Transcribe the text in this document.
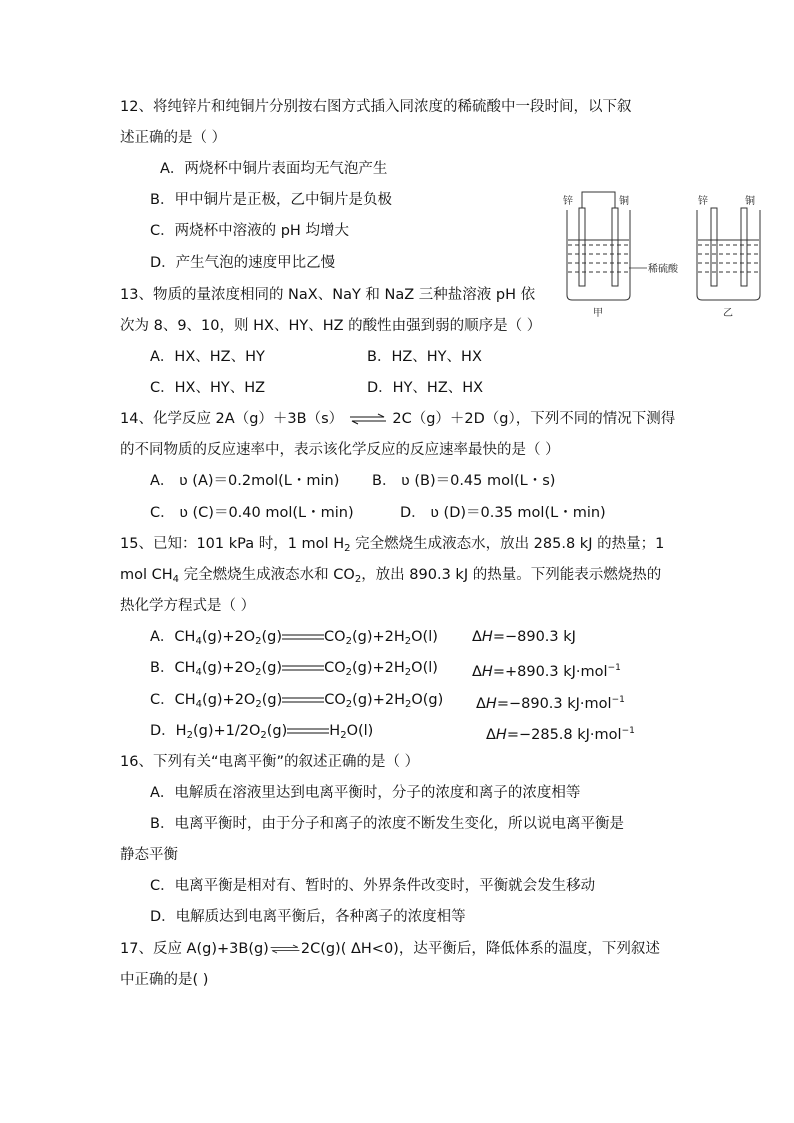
12、将纯锌片和纯铜片分别按右图方式插入同浓度的稀硫酸中一段时间，以下叙
述正确的是（ ）
A．两烧杯中铜片表面均无气泡产生
B．甲中铜片是正极，乙中铜片是负极
C．两烧杯中溶液的 pH 均增大
D．产生气泡的速度甲比乙慢
锌	铜
稀硫酸
甲	乙
锌	铜
13、物质的量浓度相同的 NaX、NaY 和 NaZ 三种盐溶液 pH 依
次为 8、9、10，则 HX、HY、HZ 的酸性由强到弱的顺序是（ ）
A．HX、HZ、HY	B．HZ、HY、HX
C．HX、HY、HZ	D．HY、HZ、HX
14、化学反应 2A（g）＋3B（s） ⇌ 2C（g）＋2D（g），下列不同的情况下测得
的不同物质的反应速率中，表示该化学反应的反应速率最快的是（ ）
A． ʋ (A)＝0.2mol(L・min) B． ʋ (B)＝0.45 mol(L・s)
C． ʋ (C)＝0.40 mol(L・min)	D． ʋ (D)＝0.35 mol(L・min)
15、已知：101 kPa 时，1 mol $H_2$ 完全燃烧生成液态水，放出 285.8 kJ 的热量；1
mol $CH_4$ 完全燃烧生成液态水和 $CO_2$，放出 890.3 kJ 的热量。下列能表示燃烧热的
热化学方程式是（ ）
A．$CH_4(g)+2O_2(g)$	$CO_2(g)+2H_2O(l)$ ΔH=−890.3 kJ
B．$CH_4(g)+2O_2(g)$	$CO_2(g)+2H_2O(l)$ ΔH=+890.3 kJ·mol$^{-1}$
C．$CH_4(g)+2O_2(g)$	$CO_2(g)+2H_2O(g)$ ΔH=−890.3 kJ·mol$^{-1}$
D．$H_2(g)+1/2O_2(g)$	$H_2O(l)$	ΔH=−285.8 kJ·mol$^{-1}$
16、下列有关“电离平衡”的叙述正确的是（ ）
A．电解质在溶液里达到电离平衡时，分子的浓度和离子的浓度相等
B．电离平衡时，由于分子和离子的浓度不断发生变化，所以说电离平衡是
静态平衡
C．电离平衡是相对有、暂时的、外界条件改变时，平衡就会发生移动
D．电解质达到电离平衡后，各种离子的浓度相等
17、反应 A(g)+3B(g)⇌2C(g)( ΔH<0)，达平衡后，降低体系的温度，下列叙述
中正确的是( )
